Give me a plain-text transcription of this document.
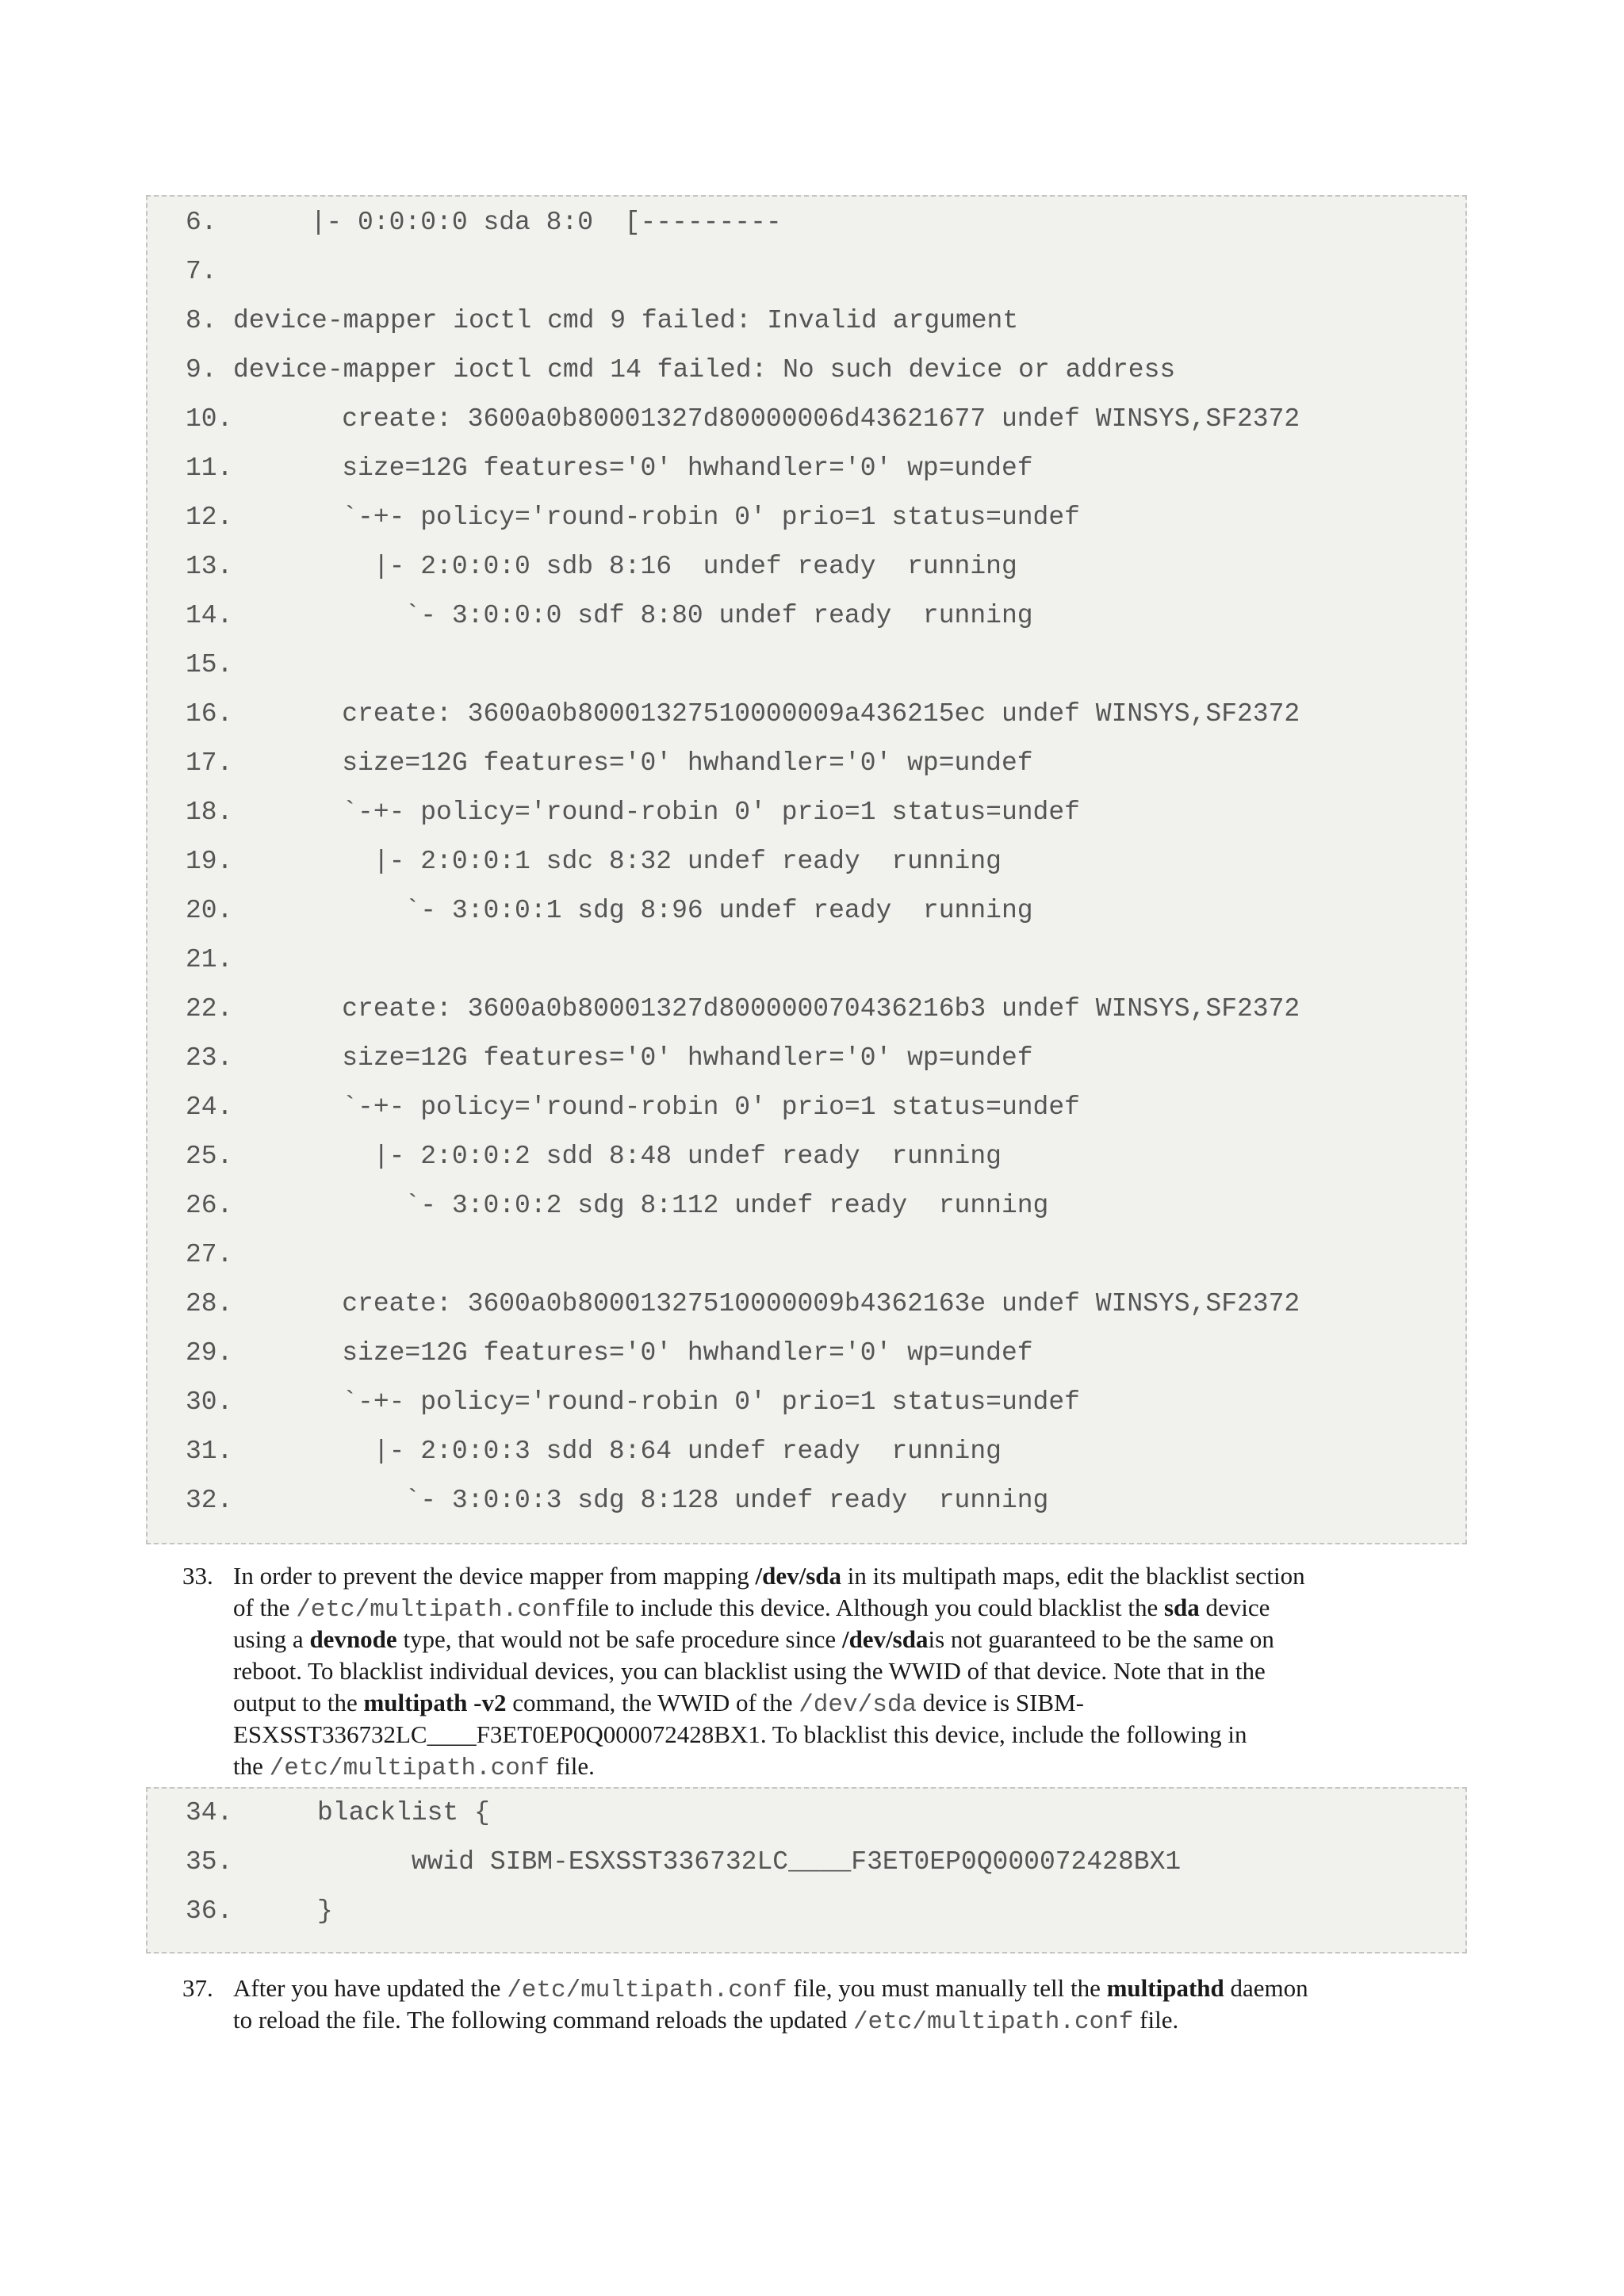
6.  |- 0:0:0:0 sda 8:0  [---------
7.
8. device-mapper ioctl cmd 9 failed: Invalid argument
9. device-mapper ioctl cmd 14 failed: No such device or address
10.    create: 3600a0b80001327d80000006d43621677 undef WINSYS,SF2372
11.    size=12G features='0' hwhandler='0' wp=undef
12.    `-+- policy='round-robin 0' prio=1 status=undef
13.      |- 2:0:0:0 sdb 8:16  undef ready  running
14.        `- 3:0:0:0 sdf 8:80 undef ready  running
15.
16.    create: 3600a0b80001327510000009a436215ec undef WINSYS,SF2372
17.    size=12G features='0' hwhandler='0' wp=undef
18.    `-+- policy='round-robin 0' prio=1 status=undef
19.      |- 2:0:0:1 sdc 8:32 undef ready  running
20.        `- 3:0:0:1 sdg 8:96 undef ready  running
21.
22.    create: 3600a0b80001327d800000070436216b3 undef WINSYS,SF2372
23.    size=12G features='0' hwhandler='0' wp=undef
24.    `-+- policy='round-robin 0' prio=1 status=undef
25.      |- 2:0:0:2 sdd 8:48 undef ready  running
26.        `- 3:0:0:2 sdg 8:112 undef ready  running
27.
28.    create: 3600a0b80001327510000009b4362163e undef WINSYS,SF2372
29.    size=12G features='0' hwhandler='0' wp=undef
30.    `-+- policy='round-robin 0' prio=1 status=undef
31.      |- 2:0:0:3 sdd 8:64 undef ready  running
32.        `- 3:0:0:3 sdg 8:128 undef ready  running
33. In order to prevent the device mapper from mapping /dev/sda in its multipath maps, edit the blacklist section
of the /etc/multipath.conffile to include this device. Although you could blacklist the sda device
using a devnode type, that would not be safe procedure since /dev/sdais not guaranteed to be the same on
reboot. To blacklist individual devices, you can blacklist using the WWID of that device. Note that in the
output to the multipath -v2 command, the WWID of the /dev/sda device is SIBM-
ESXSST336732LC____F3ET0EP0Q000072428BX1. To blacklist this device, include the following in
the /etc/multipath.conf file.
34.	blacklist {
35.	wwid SIBM-ESXSST336732LC____F3ET0EP0Q000072428BX1
36.	}
37. After you have updated the /etc/multipath.conf file, you must manually tell the multipathd daemon
to reload the file. The following command reloads the updated /etc/multipath.conf file.
